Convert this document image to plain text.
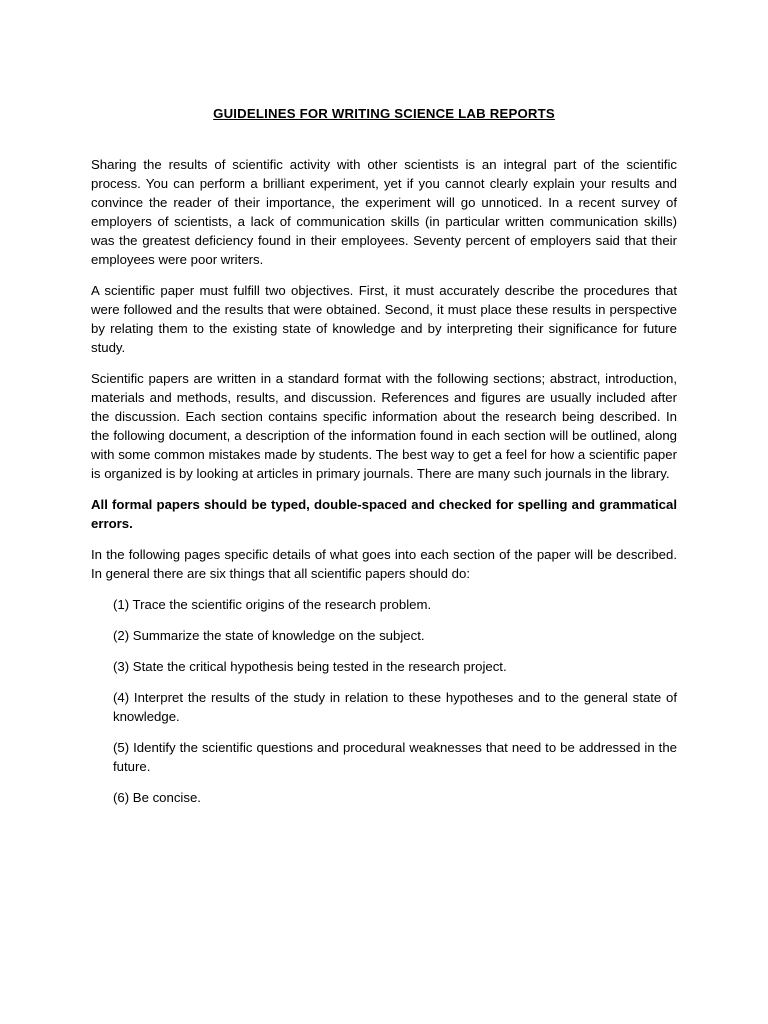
GUIDELINES FOR WRITING SCIENCE LAB REPORTS

Sharing the results of scientific activity with other scientists is an integral part of the scientific process. You can perform a brilliant experiment, yet if you cannot clearly explain your results and convince the reader of their importance, the experiment will go unnoticed. In a recent survey of employers of scientists, a lack of communication skills (in particular written communication skills) was the greatest deficiency found in their employees. Seventy percent of employers said that their employees were poor writers.

A scientific paper must fulfill two objectives. First, it must accurately describe the procedures that were followed and the results that were obtained. Second, it must place these results in perspective by relating them to the existing state of knowledge and by interpreting their significance for future study.

Scientific papers are written in a standard format with the following sections; abstract, introduction, materials and methods, results, and discussion. References and figures are usually included after the discussion. Each section contains specific information about the research being described. In the following document, a description of the information found in each section will be outlined, along with some common mistakes made by students. The best way to get a feel for how a scientific paper is organized is by looking at articles in primary journals. There are many such journals in the library.

All formal papers should be typed, double-spaced and checked for spelling and grammatical errors.

In the following pages specific details of what goes into each section of the paper will be described. In general there are six things that all scientific papers should do:

(1) Trace the scientific origins of the research problem.
(2) Summarize the state of knowledge on the subject.
(3) State the critical hypothesis being tested in the research project.
(4) Interpret the results of the study in relation to these hypotheses and to the general state of knowledge.
(5) Identify the scientific questions and procedural weaknesses that need to be addressed in the future.
(6) Be concise.
